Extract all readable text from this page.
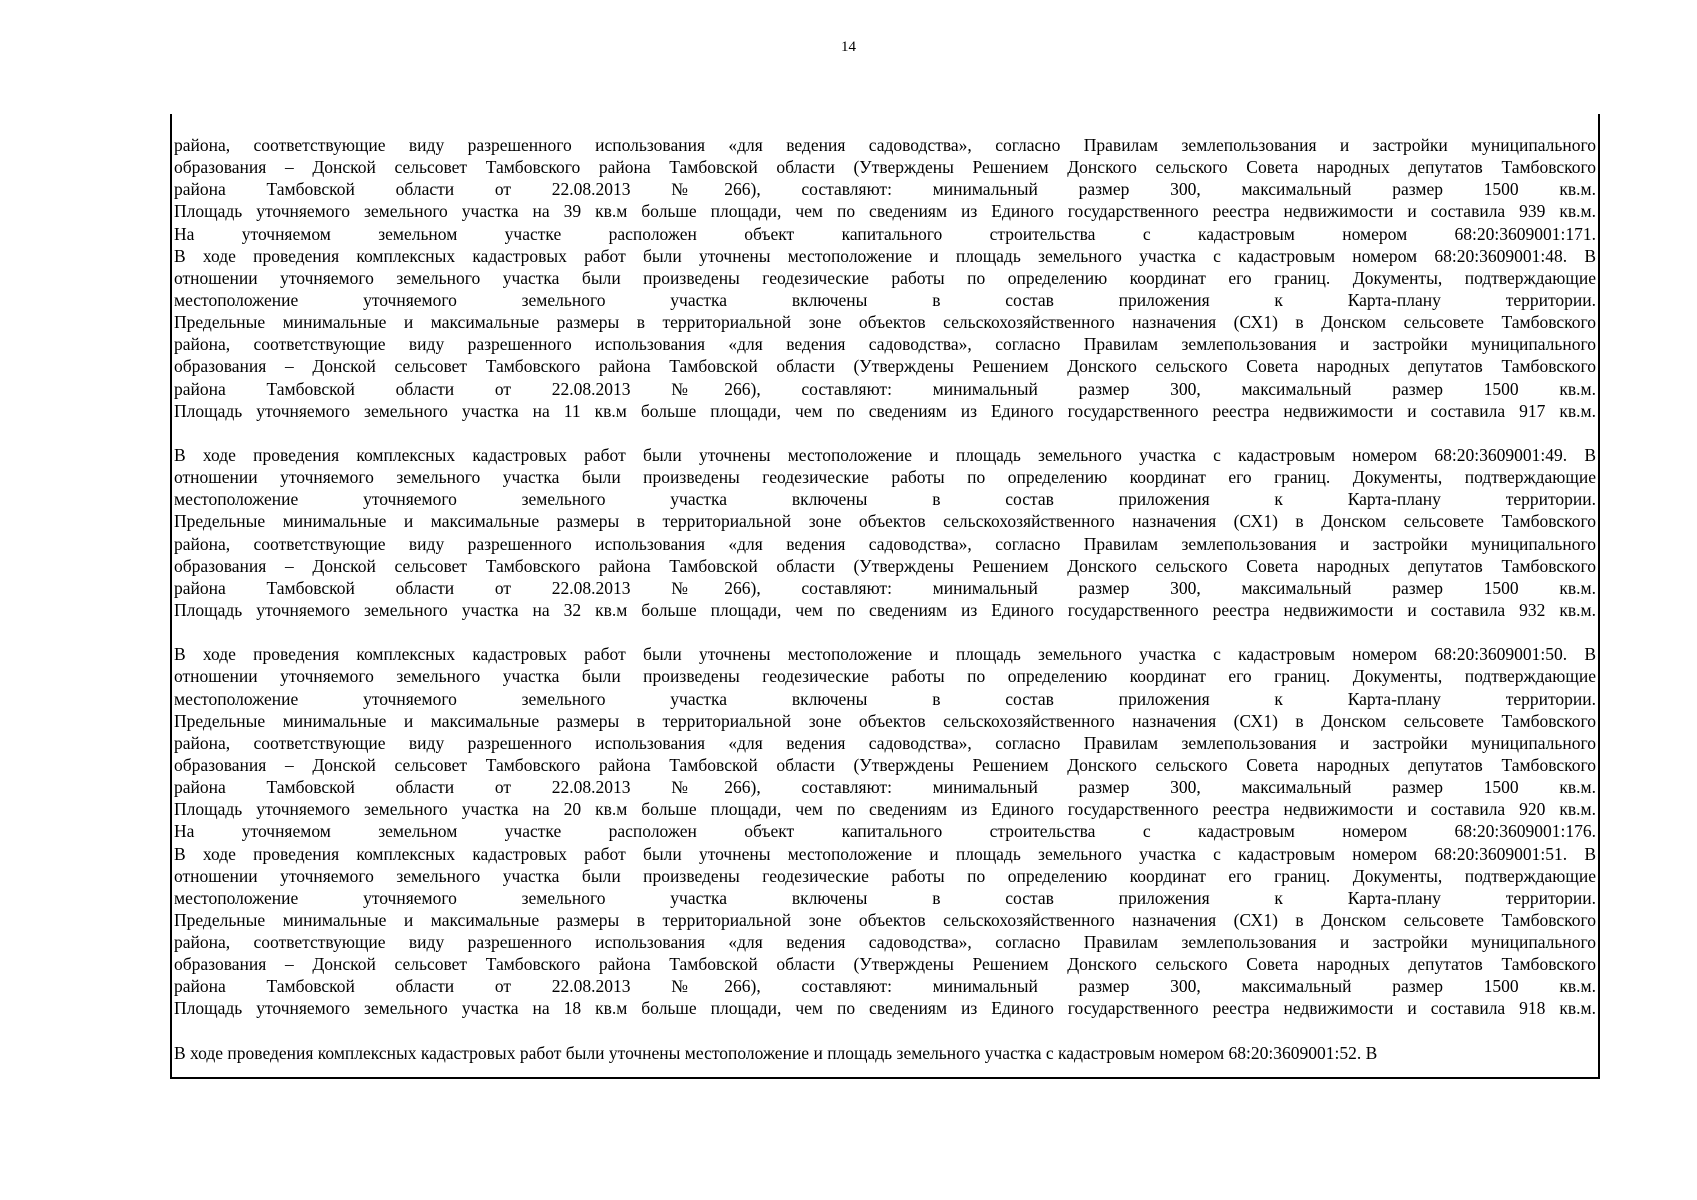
14
района, соответствующие виду разрешенного использования «для ведения садоводства», согласно Правилам землепользования и застройки муниципального
образования – Донской сельсовет Тамбовского района Тамбовской области (Утверждены Решением Донского сельского Совета народных депутатов Тамбовского
района Тамбовской области от 22.08.2013 №266), составляют: минимальный размер 300, максимальный размер 1500 кв.м.
Площадь уточняемого земельного участка на 39 кв.м больше площади, чем по сведениям из Единого государственного реестра недвижимости и составила 939 кв.м.
На уточняемом земельном участке расположен объект капитального строительства с кадастровым номером 68:20:3609001:171.
В ходе проведения комплексных кадастровых работ были уточнены местоположение и площадь земельного участка с кадастровым номером 68:20:3609001:48. В
отношении уточняемого земельного участка были произведены геодезические работы по определению координат его границ. Документы, подтверждающие
местоположение уточняемого земельного участка включены в состав приложения к Карта-плану территории.
Предельные минимальные и максимальные размеры в территориальной зоне объектов сельскохозяйственного назначения (СХ1) в Донском сельсовете Тамбовского
района, соответствующие виду разрешенного использования «для ведения садоводства», согласно Правилам землепользования и застройки муниципального
образования – Донской сельсовет Тамбовского района Тамбовской области (Утверждены Решением Донского сельского Совета народных депутатов Тамбовского
района Тамбовской области от 22.08.2013 №266), составляют: минимальный размер 300, максимальный размер 1500 кв.м.
Площадь уточняемого земельного участка на 11 кв.м больше площади, чем по сведениям из Единого государственного реестра недвижимости и составила 917 кв.м.
В ходе проведения комплексных кадастровых работ были уточнены местоположение и площадь земельного участка с кадастровым номером 68:20:3609001:49. В
отношении уточняемого земельного участка были произведены геодезические работы по определению координат его границ. Документы, подтверждающие
местоположение уточняемого земельного участка включены в состав приложения к Карта-плану территории.
Предельные минимальные и максимальные размеры в территориальной зоне объектов сельскохозяйственного назначения (СХ1) в Донском сельсовете Тамбовского
района, соответствующие виду разрешенного использования «для ведения садоводства», согласно Правилам землепользования и застройки муниципального
образования – Донской сельсовет Тамбовского района Тамбовской области (Утверждены Решением Донского сельского Совета народных депутатов Тамбовского
района Тамбовской области от 22.08.2013 №266), составляют: минимальный размер 300, максимальный размер 1500 кв.м.
Площадь уточняемого земельного участка на 32 кв.м больше площади, чем по сведениям из Единого государственного реестра недвижимости и составила 932 кв.м.
В ходе проведения комплексных кадастровых работ были уточнены местоположение и площадь земельного участка с кадастровым номером 68:20:3609001:50. В
отношении уточняемого земельного участка были произведены геодезические работы по определению координат его границ. Документы, подтверждающие
местоположение уточняемого земельного участка включены в состав приложения к Карта-плану территории.
Предельные минимальные и максимальные размеры в территориальной зоне объектов сельскохозяйственного назначения (СХ1) в Донском сельсовете Тамбовского
района, соответствующие виду разрешенного использования «для ведения садоводства», согласно Правилам землепользования и застройки муниципального
образования – Донской сельсовет Тамбовского района Тамбовской области (Утверждены Решением Донского сельского Совета народных депутатов Тамбовского
района Тамбовской области от 22.08.2013 №266), составляют: минимальный размер 300, максимальный размер 1500 кв.м.
Площадь уточняемого земельного участка на 20 кв.м больше площади, чем по сведениям из Единого государственного реестра недвижимости и составила 920 кв.м.
На уточняемом земельном участке расположен объект капитального строительства с кадастровым номером 68:20:3609001:176.
В ходе проведения комплексных кадастровых работ были уточнены местоположение и площадь земельного участка с кадастровым номером 68:20:3609001:51. В
отношении уточняемого земельного участка были произведены геодезические работы по определению координат его границ. Документы, подтверждающие
местоположение уточняемого земельного участка включены в состав приложения к Карта-плану территории.
Предельные минимальные и максимальные размеры в территориальной зоне объектов сельскохозяйственного назначения (СХ1) в Донском сельсовете Тамбовского
района, соответствующие виду разрешенного использования «для ведения садоводства», согласно Правилам землепользования и застройки муниципального
образования – Донской сельсовет Тамбовского района Тамбовской области (Утверждены Решением Донского сельского Совета народных депутатов Тамбовского
района Тамбовской области от 22.08.2013 №266), составляют: минимальный размер 300, максимальный размер 1500 кв.м.
Площадь уточняемого земельного участка на 18 кв.м больше площади, чем по сведениям из Единого государственного реестра недвижимости и составила 918 кв.м.
В ходе проведения комплексных кадастровых работ были уточнены местоположение и площадь земельного участка с кадастровым номером 68:20:3609001:52. В
